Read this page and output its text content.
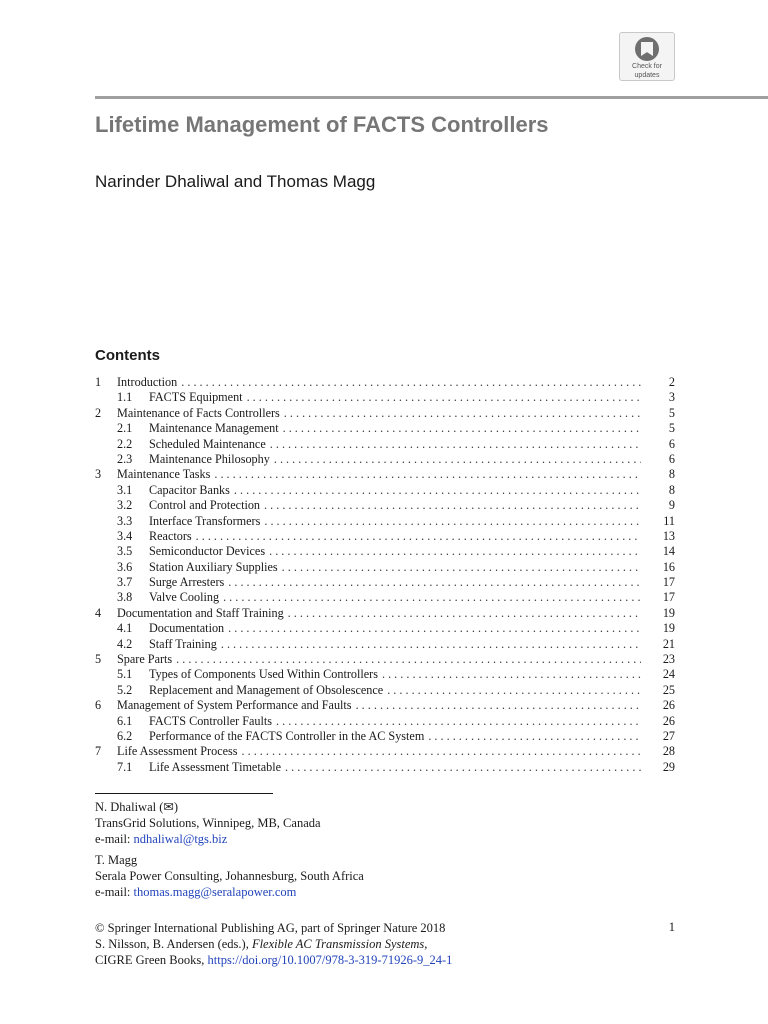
Check for
updates
Lifetime Management of FACTS Controllers
Narinder Dhaliwal and Thomas Magg
Contents
1	Introduction . . .	2
1.1	FACTS Equipment . . .	3
2	Maintenance of Facts Controllers . . .	5
2.1	Maintenance Management . . .	5
2.2	Scheduled Maintenance . . .	6
2.3	Maintenance Philosophy . . .	6
3	Maintenance Tasks . . .	8
3.1	Capacitor Banks . . .	8
3.2	Control and Protection . . .	9
3.3	Interface Transformers . . .	11
3.4	Reactors . . .	13
3.5	Semiconductor Devices . . .	14
3.6	Station Auxiliary Supplies . . .	16
3.7	Surge Arresters . . .	17
3.8	Valve Cooling . . .	17
4	Documentation and Staff Training . . .	19
4.1	Documentation . . .	19
4.2	Staff Training . . .	21
5	Spare Parts . . .	23
5.1	Types of Components Used Within Controllers . . .	24
5.2	Replacement and Management of Obsolescence . . .	25
6	Management of System Performance and Faults . . .	26
6.1	FACTS Controller Faults . . .	26
6.2	Performance of the FACTS Controller in the AC System . . .	27
7	Life Assessment Process . . .	28
7.1	Life Assessment Timetable . . .	29
N. Dhaliwal (✉)
TransGrid Solutions, Winnipeg, MB, Canada
e-mail: ndhaliwal@tgs.biz
T. Magg
Serala Power Consulting, Johannesburg, South Africa
e-mail: thomas.magg@seralapower.com
© Springer International Publishing AG, part of Springer Nature 2018
S. Nilsson, B. Andersen (eds.), Flexible AC Transmission Systems,
CIGRE Green Books, https://doi.org/10.1007/978-3-319-71926-9_24-1
1
